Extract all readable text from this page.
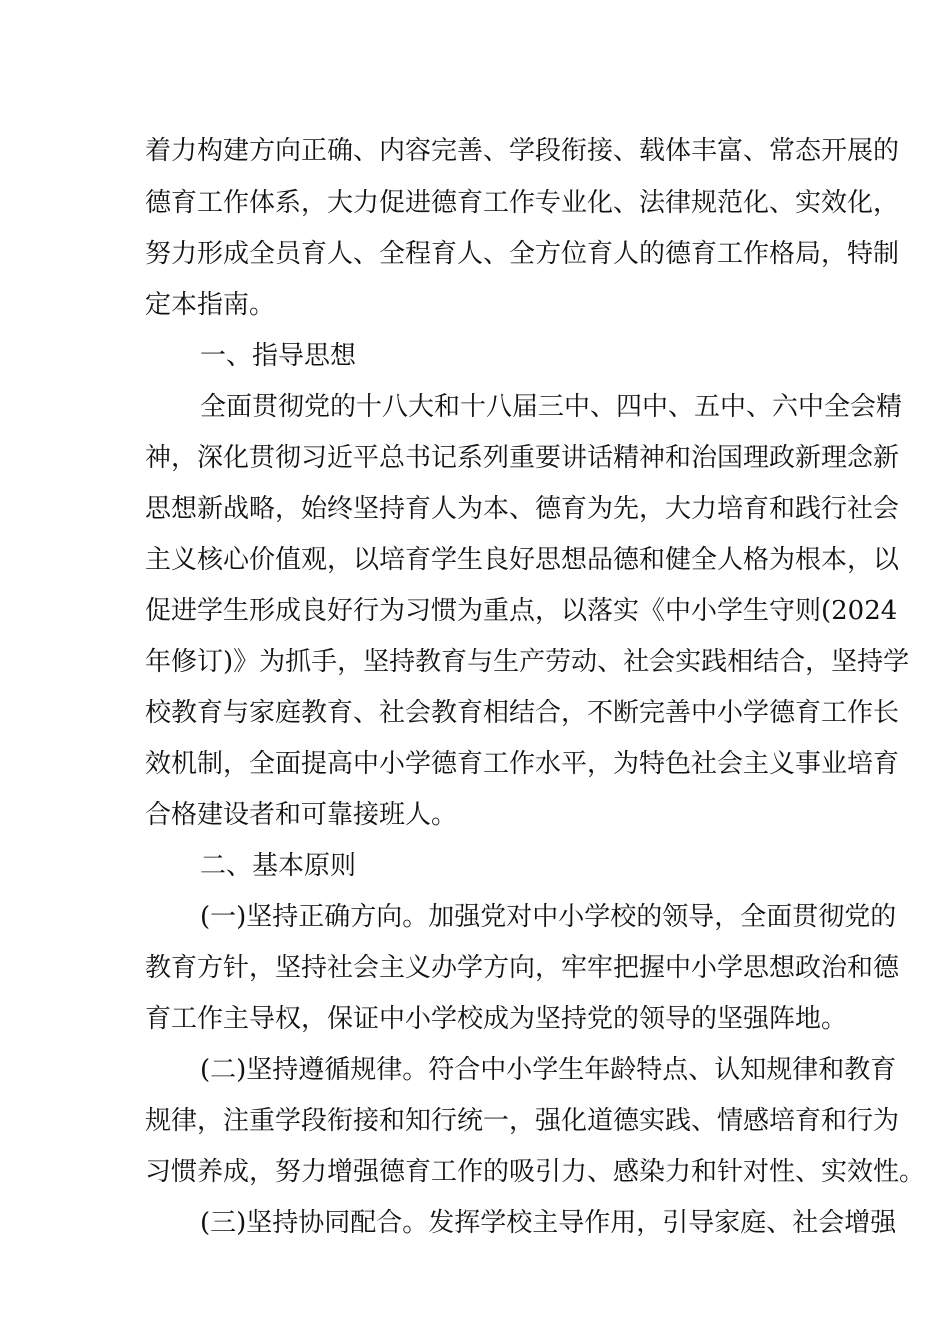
着力构建方向正确、内容完善、学段衔接、载体丰富、常态开展的
德育工作体系，大力促进德育工作专业化、法律规范化、实效化，
努力形成全员育人、全程育人、全方位育人的德育工作格局，特制
定本指南。
一、指导思想
全面贯彻党的十八大和十八届三中、四中、五中、六中全会精
神，深化贯彻习近平总书记系列重要讲话精神和治国理政新理念新
思想新战略，始终坚持育人为本、德育为先，大力培育和践行社会
主义核心价值观，以培育学生良好思想品德和健全人格为根本，以
促进学生形成良好行为习惯为重点，以落实《中小学生守则(2024
年修订)》为抓手，坚持教育与生产劳动、社会实践相结合，坚持学
校教育与家庭教育、社会教育相结合，不断完善中小学德育工作长
效机制，全面提高中小学德育工作水平，为特色社会主义事业培育
合格建设者和可靠接班人。
二、基本原则
(一)坚持正确方向。加强党对中小学校的领导，全面贯彻党的
教育方针，坚持社会主义办学方向，牢牢把握中小学思想政治和德
育工作主导权，保证中小学校成为坚持党的领导的坚强阵地。
(二)坚持遵循规律。符合中小学生年龄特点、认知规律和教育
规律，注重学段衔接和知行统一，强化道德实践、情感培育和行为
习惯养成，努力增强德育工作的吸引力、感染力和针对性、实效性。
(三)坚持协同配合。发挥学校主导作用，引导家庭、社会增强
